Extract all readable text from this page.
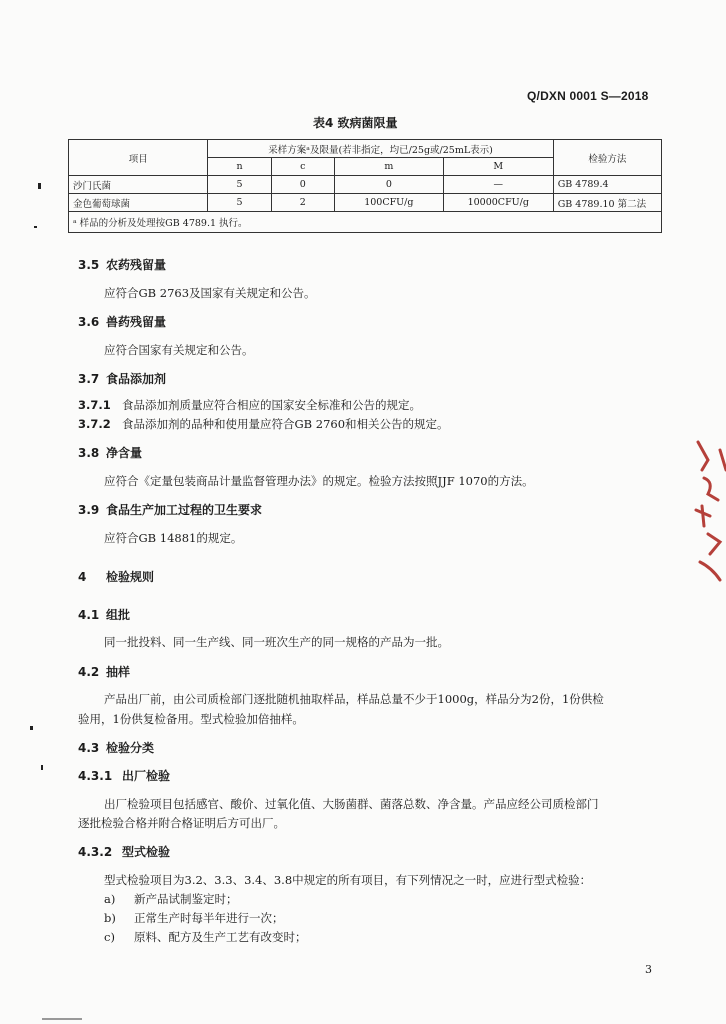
Q/DXN 0001 S—2018
表4 致病菌限量
项目	采样方案ᵃ及限量(若非指定，均已/25g或/25mL表示)				检验方法
	n	c	m	M	
沙门氏菌	5	0	0	—	GB 4789.4
金色葡萄球菌	5	2	100CFU/g	10000CFU/g	GB 4789.10 第二法
ᵃ 样品的分析及处理按GB 4789.1 执行。					
3.5 农药残留量
应符合GB 2763及国家有关规定和公告。
3.6 兽药残留量
应符合国家有关规定和公告。
3.7 食品添加剂
3.7.1 食品添加剂质量应符合相应的国家安全标准和公告的规定。
3.7.2 食品添加剂的品种和使用量应符合GB 2760和相关公告的规定。
3.8 净含量
应符合《定量包装商品计量监督管理办法》的规定。检验方法按照JJF 1070的方法。
3.9 食品生产加工过程的卫生要求
应符合GB 14881的规定。
4 检验规则
4.1 组批
同一批投料、同一生产线、同一班次生产的同一规格的产品为一批。
4.2 抽样
产品出厂前，由公司质检部门逐批随机抽取样品，样品总量不少于1000g，样品分为2份，1份供检
验用，1份供复检备用。型式检验加倍抽样。
4.3 检验分类
4.3.1 出厂检验
出厂检验项目包括感官、酸价、过氧化值、大肠菌群、菌落总数、净含量。产品应经公司质检部门
逐批检验合格并附合格证明后方可出厂。
4.3.2 型式检验
型式检验项目为3.2、3.3、3.4、3.8中规定的所有项目，有下列情况之一时，应进行型式检验：
a) 新产品试制鉴定时；
b) 正常生产时每半年进行一次；
c) 原料、配方及生产工艺有改变时；
3
